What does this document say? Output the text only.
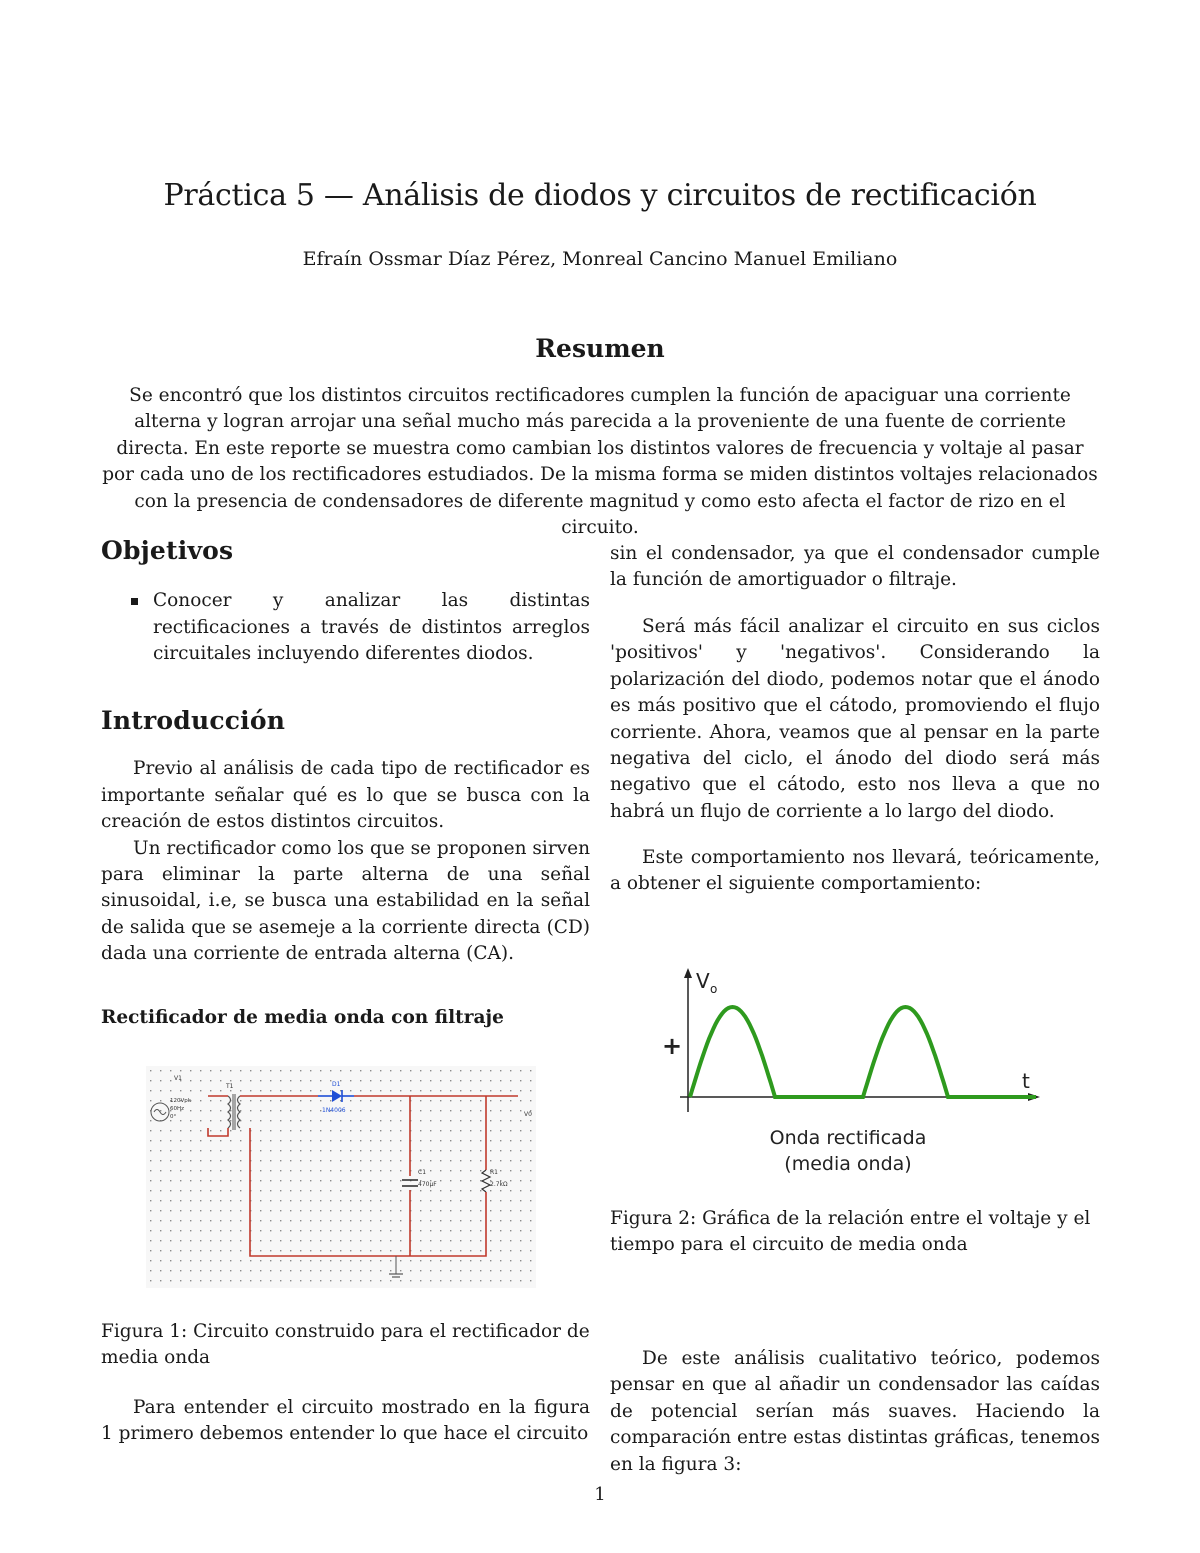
Práctica 5 — Análisis de diodos y circuitos de rectificación
Efraín Ossmar Díaz Pérez, Monreal Cancino Manuel Emiliano
Resumen
Se encontró que los distintos circuitos rectificadores cumplen la función de apaciguar una corriente alterna y logran arrojar una señal mucho más parecida a la proveniente de una fuente de corriente directa. En este reporte se muestra como cambian los distintos valores de frecuencia y voltaje al pasar por cada uno de los rectificadores estudiados. De la misma forma se miden distintos voltajes relacionados con la presencia de condensadores de diferente magnitud y como esto afecta el factor de rizo en el circuito.
Objetivos
Conocer y analizar las distintas rectificaciones a través de distintos arreglos circuitales incluyendo diferentes diodos.
Introducción

Previo al análisis de cada tipo de rectificador es importante señalar qué es lo que se busca con la creación de estos distintos circuitos.

Un rectificador como los que se proponen sirven para eliminar la parte alterna de una señal sinusoidal, i.e, se busca una estabilidad en la señal de salida que se asemeje a la corriente directa (CD) dada una corriente de entrada alterna (CA).

Rectificador de media onda con filtraje
V1
120Vpk
60Hz
0°
T1	D1
1N4006
C1
470µF
R1
2.7kΩ
V0
Figura 1: Circuito construido para el rectificador de media onda

Para entender el circuito mostrado en la figura 1 primero debemos entender lo que hace el circuito

sin el condensador, ya que el condensador cumple la función de amortiguador o filtraje.

Será más fácil analizar el circuito en sus ciclos 'positivos' y 'negativos'. Considerando la polarización del diodo, podemos notar que el ánodo es más positivo que el cátodo, promoviendo el flujo corriente. Ahora, veamos que al pensar en la parte negativa del ciclo, el ánodo del diodo será más negativo que el cátodo, esto nos lleva a que no habrá un flujo de corriente a lo largo del diodo.

Este comportamiento nos llevará, teóricamente, a obtener el siguiente comportamiento:

V o
t
+
Onda rectificada
(media onda)
Figura 2: Gráfica de la relación entre el voltaje y el tiempo para el circuito de media onda

De este análisis cualitativo teórico, podemos pensar en que al añadir un condensador las caídas de potencial serían más suaves. Haciendo la comparación entre estas distintas gráficas, tenemos en la figura 3:

1
